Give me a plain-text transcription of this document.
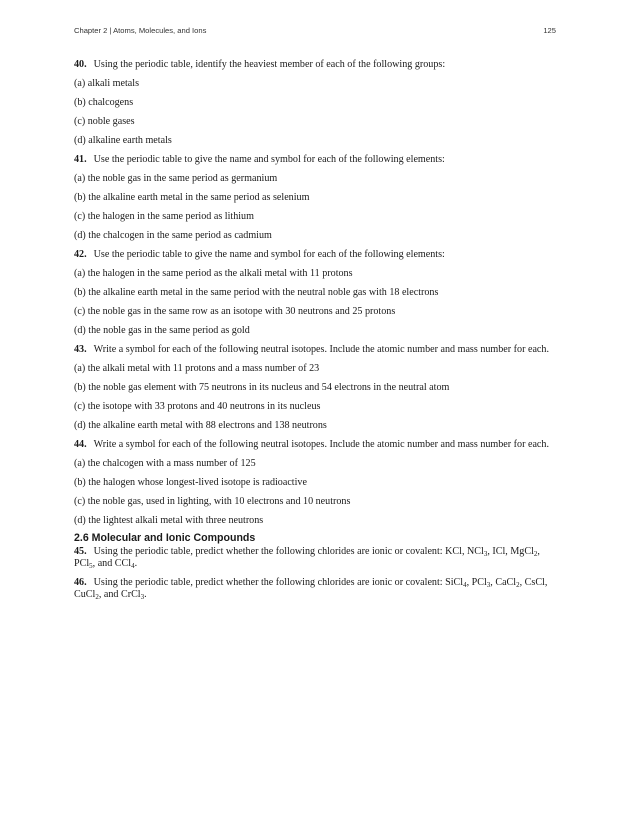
Chapter 2 | Atoms, Molecules, and Ions	125

40. Using the periodic table, identify the heaviest member of each of the following groups:

(a) alkali metals

(b) chalcogens

(c) noble gases

(d) alkaline earth metals

41. Use the periodic table to give the name and symbol for each of the following elements:

(a) the noble gas in the same period as germanium

(b) the alkaline earth metal in the same period as selenium

(c) the halogen in the same period as lithium

(d) the chalcogen in the same period as cadmium

42. Use the periodic table to give the name and symbol for each of the following elements:

(a) the halogen in the same period as the alkali metal with 11 protons

(b) the alkaline earth metal in the same period with the neutral noble gas with 18 electrons

(c) the noble gas in the same row as an isotope with 30 neutrons and 25 protons

(d) the noble gas in the same period as gold

43. Write a symbol for each of the following neutral isotopes. Include the atomic number and mass number for each.

(a) the alkali metal with 11 protons and a mass number of 23

(b) the noble gas element with 75 neutrons in its nucleus and 54 electrons in the neutral atom

(c) the isotope with 33 protons and 40 neutrons in its nucleus

(d) the alkaline earth metal with 88 electrons and 138 neutrons

44. Write a symbol for each of the following neutral isotopes. Include the atomic number and mass number for each.

(a) the chalcogen with a mass number of 125

(b) the halogen whose longest-lived isotope is radioactive

(c) the noble gas, used in lighting, with 10 electrons and 10 neutrons

(d) the lightest alkali metal with three neutrons

2.6 Molecular and Ionic Compounds

45. Using the periodic table, predict whether the following chlorides are ionic or covalent: KCl, NCl$_3$, ICl, MgCl$_2$, PCl$_5$, and CCl$_4$.

46. Using the periodic table, predict whether the following chlorides are ionic or covalent: SiCl$_4$, PCl$_3$, CaCl$_2$, CsCl, CuCl$_2$, and CrCl$_3$.
